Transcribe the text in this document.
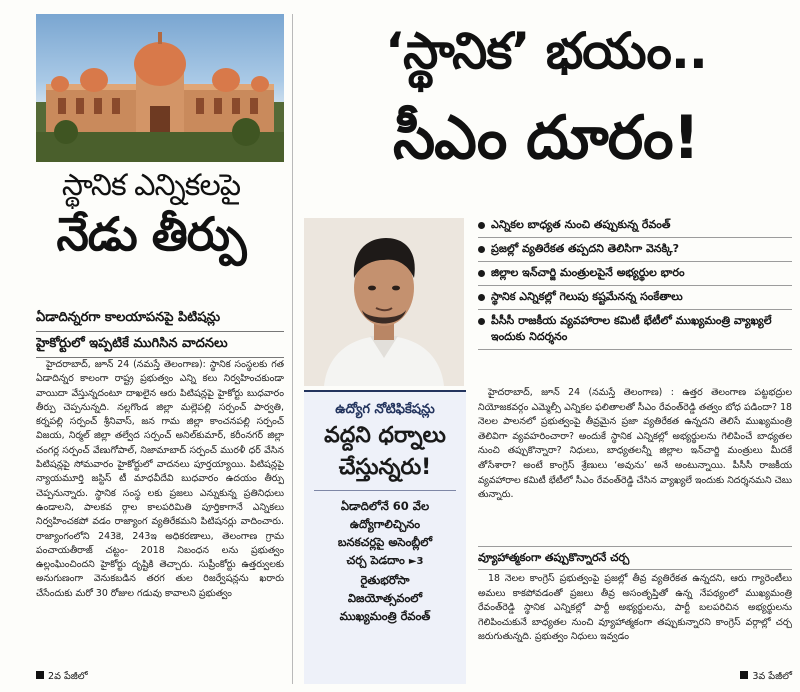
స్థానిక ఎన్నికలపై
నేడు తీర్పు
ఏడాదిన్నరగా కాలయాపనపై పిటిషన్లు
హైకోర్టులో ఇప్పటికే ముగిసిన వాదనలు

హైదరాబాద్, జూన్ 24 (నమస్తే తెలంగాణ): స్థానిక సంస్థలకు గత ఏడాదిన్నర కాలంగా రాష్ట్ర ప్రభుత్వం ఎన్ని కలు నిర్వహించకుండా వాయిదా వేస్తున్నదంటూ దాఖలైన ఆరు పిటిషన్లపై హైకోర్టు బుధవారం తీర్పు చెప్పనున్నది. నల్లగొండ జిల్లా మల్లెపల్లి సర్పంచ్ పార్వతి, కర్నపల్లి సర్పంచ్ శ్రీనివాస్, జన గామ జిల్లా కాంచనపల్లి సర్పంచ్ విజయ, నిర్మల్ జిల్లా తల్వేద సర్పంచ్ అనిల్‌కుమార్, కరీంనగర్ జిల్లా చంగర్ల సర్పంచ్ వేణుగోపాల్, నిజామాబాద్ సర్పంచ్ మురళీ ధర్ వేసిన పిటిషన్లపై సోమవారం హైకోర్టులో వాదనలు పూర్తయ్యాయి. పిటిషన్లపై న్యాయమూర్తి జస్టిస్ టీ మాధవీదేవి బుధవారం ఉదయం తీర్పు చెప్పనున్నారు. స్థానిక సంస్థ లకు ప్రజలు ఎన్నుకున్న ప్రతినిధులు ఉండాలని, పాలకవ ర్గాల కాలపరిమితి పూర్తికాగానే ఎన్నికలు నిర్వహించకపో వడం రాజ్యాంగ వ్యతిరేకమని పిటిషనర్లు వాదించారు. రాజ్యాంగంలోని 243కె, 243ఇ అధికరణాలు, తెలంగాణ గ్రామ పంచాయతీరాజ్ చట్టం- 2018 నిబంధన లను ప్రభుత్వం ఉల్లంఘించిందని హైకోర్టు దృష్టికి తెచ్చారు. సుప్రీంకోర్టు ఉత్తర్వులకు అనుగుణంగా వెనుకబడిన తరగ తుల రిజర్వేషన్లను ఖరారు చేసేందుకు మరో 30 రోజుల గడువు కావాలని ప్రభుత్వం

2వ పేజీలో
‘స్థానిక’ భయం..
సీఎం దూరం!
ఎన్నికల బాధ్యత నుంచి తప్పుకున్న రేవంత్
ప్రజల్లో వ్యతిరేకత తప్పదని తెలిసిగా వెనక్కి?
జిల్లాల ఇన్‌చార్జి మంత్రులపైనే అభ్యర్థుల భారం
స్థానిక ఎన్నికల్లో గెలుపు కష్టమేనన్న సంకేతాలు
పీసీసీ రాజకీయ వ్యవహారాల కమిటీ భేటీలో ముఖ్యమంత్రి వ్యాఖ్యలే ఇందుకు నిదర్శనం
ఉద్యోగ నోటిఫికేషన్లు
వద్దని ధర్నాలు చేస్తున్నరు!
ఏడాదిలోనే 60 వేల
ఉద్యోగాలిచ్చినం
బనకచర్లపై అసెంబ్లీలో
చర్చ పెడదాం ►3
రైతుభరోసా
విజయోత్సవంలో
ముఖ్యమంత్రి రేవంత్

హైదరాబాద్, జూన్ 24 (నమస్తే తెలంగాణ) : ఉత్తర తెలంగాణ పట్టభద్రుల నియోజకవర్గం ఎమ్మెల్సీ ఎన్నికల ఫలితాలతో సీఎం రేవంత్‌రెడ్డి తత్వం బోధ పడిందా? 18 నెలల పాలనలో ప్రభుత్వంపై తీవ్రమైన ప్రజా వ్యతిరేకత ఉన్నదని తెలిసే ముఖ్యమంత్రి తెలివిగా వ్యవహరించారా? అందుకే స్థానిక ఎన్నికల్లో అభ్యర్థులను గెలిపించే బాధ్యతల నుంచి తప్పుకొన్నారా? నిధులు, బాధ్యతలన్నీ జిల్లాల ఇన్‌చార్జి మంత్రులు మీదకే తోసేశారా? అంటే కాంగ్రెస్ శ్రేణులు ‘అవును’ అనే అంటున్నాయి. పీసీసీ రాజకీయ వ్యవహారాల కమిటీ భేటీలో సీఎం రేవంత్‌రెడ్డి చేసిన వ్యాఖ్యలే ఇందుకు నిదర్శనమని చెబు తున్నారు.

వ్యూహాత్మకంగా తప్పుకొన్నారనే చర్చ

18 నెలల కాంగ్రెస్ ప్రభుత్వంపై ప్రజల్లో తీవ్ర వ్యతిరేకత ఉన్నదని, ఆరు గ్యారెంటీలు అమలు కాకపోవడంతో ప్రజలు తీవ్ర అసంతృప్తితో ఉన్న నేపథ్యంలో ముఖ్యమంత్రి రేవంత్‌రెడ్డి స్థానిక ఎన్నికల్లో పార్టీ అభ్యర్థులను, పార్టీ బలపరిచిన అభ్యర్థులను గెలిపించుకునే బాధ్యతల నుంచి వ్యూహాత్మకంగా తప్పుకున్నారని కాంగ్రెస్ వర్గాల్లో చర్చ జరుగుతున్నది. ప్రభుత్వం నిధులు ఇవ్వడం

3వ పేజీలో
